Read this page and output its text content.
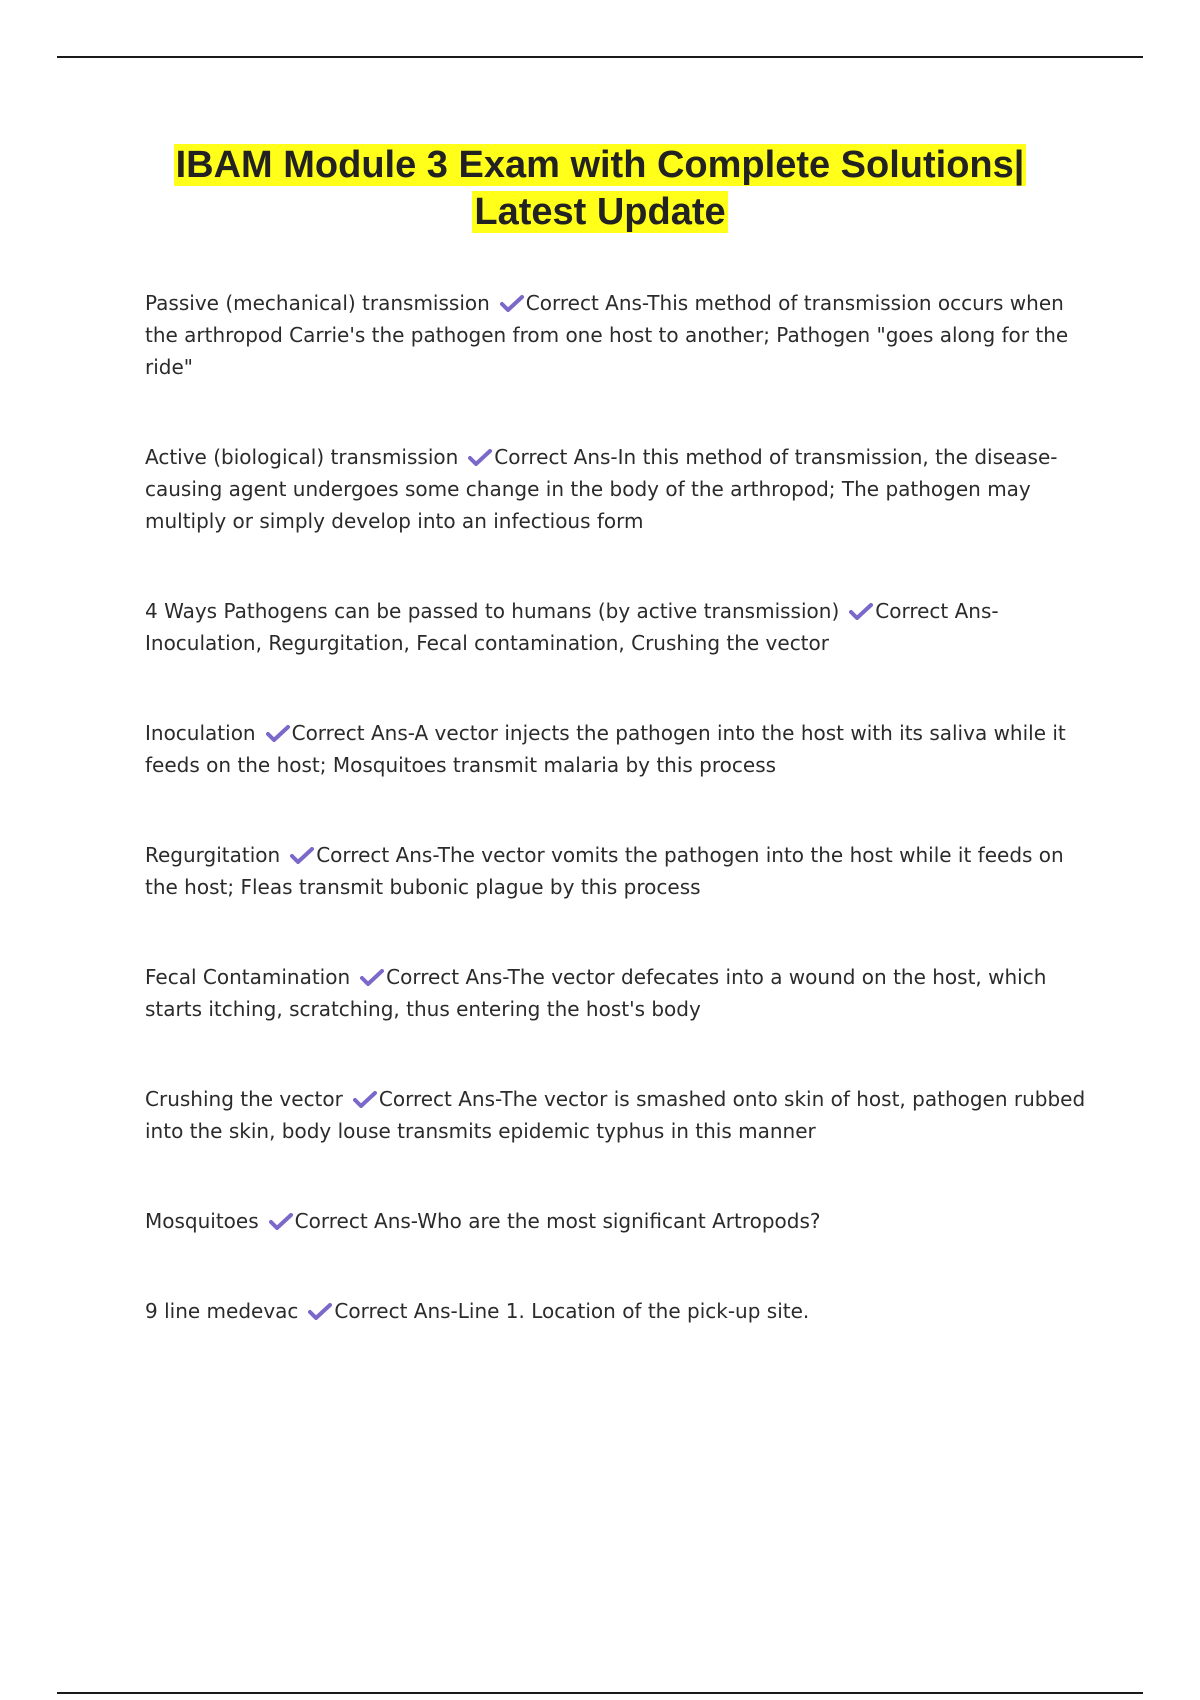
IBAM Module 3 Exam with Complete Solutions|
Latest Update
Passive (mechanical) transmission Correct Ans-This method of transmission occurs when the arthropod Carrie's the pathogen from one host to another; Pathogen "goes along for the ride"
Active (biological) transmission Correct Ans-In this method of transmission, the disease-causing agent undergoes some change in the body of the arthropod; The pathogen may multiply or simply develop into an infectious form
4 Ways Pathogens can be passed to humans (by active transmission) Correct Ans-Inoculation, Regurgitation, Fecal contamination, Crushing the vector
Inoculation Correct Ans-A vector injects the pathogen into the host with its saliva while it feeds on the host; Mosquitoes transmit malaria by this process
Regurgitation Correct Ans-The vector vomits the pathogen into the host while it feeds on the host; Fleas transmit bubonic plague by this process
Fecal Contamination Correct Ans-The vector defecates into a wound on the host, which starts itching, scratching, thus entering the host's body
Crushing the vector Correct Ans-The vector is smashed onto skin of host, pathogen rubbed into the skin, body louse transmits epidemic typhus in this manner
Mosquitoes Correct Ans-Who are the most significant Artropods?
9 line medevac Correct Ans-Line 1. Location of the pick-up site.
